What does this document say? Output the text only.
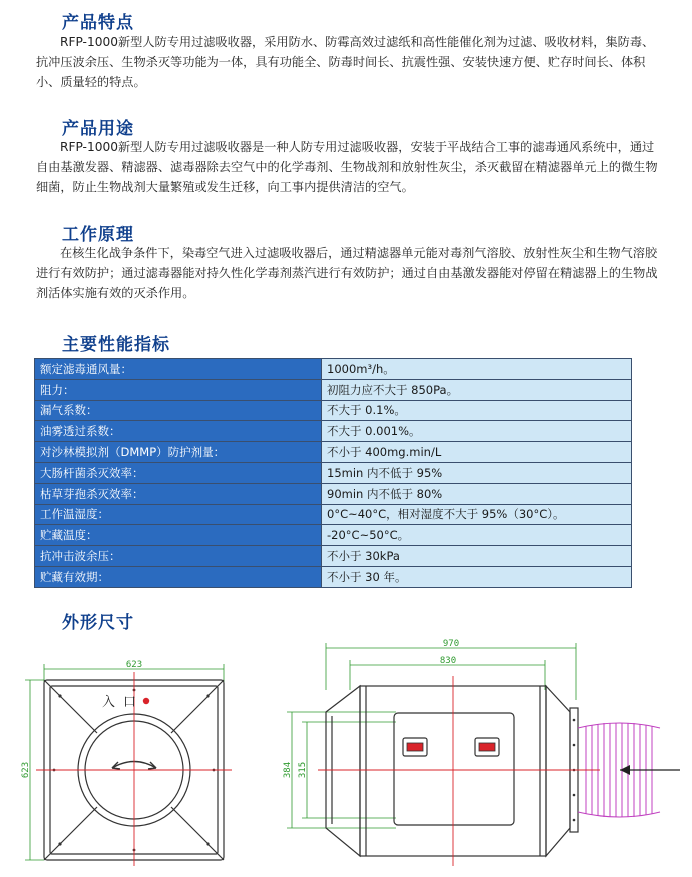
产品特点

RFP-1000新型人防专用过滤吸收器，采用防水、防霉高效过滤纸和高性能催化剂为过滤、吸收材料，集防毒、抗冲压波余压、生物杀灭等功能为一体，具有功能全、防毒时间长、抗震性强、安装快速方便、贮存时间长、体积小、质量轻的特点。

产品用途

RFP-1000新型人防专用过滤吸收器是一种人防专用过滤吸收器，安装于平战结合工事的滤毒通风系统中，通过自由基激发器、精滤器、滤毒器除去空气中的化学毒剂、生物战剂和放射性灰尘，杀灭截留在精滤器单元上的微生物细菌，防止生物战剂大量繁殖或发生迁移，向工事内提供清洁的空气。

工作原理

在核生化战争条件下，染毒空气进入过滤吸收器后，通过精滤器单元能对毒剂气溶胶、放射性灰尘和生物气溶胶进行有效防护；通过滤毒器能对持久性化学毒剂蒸汽进行有效防护；通过自由基激发器能对停留在精滤器上的生物战剂活体实施有效的灭杀作用。

主要性能指标
额定滤毒通风量：	1000m³/h。
阻力：	初阻力应不大于 850Pa。
漏气系数：	不大于 0.1%。
油雾透过系数：	不大于 0.001%。
对沙林模拟剂（DMMP）防护剂量：	不小于 400mg.min/L
大肠杆菌杀灭效率：	15min 内不低于 95%
枯草芽孢杀灭效率：	90min 内不低于 80%
工作温湿度：	0°C~40°C，相对湿度不大于 95%（30°C）。
贮藏温度：	-20°C~50°C。
抗冲击波余压：	不小于 30kPa
贮藏有效期：	不小于 30 年。
外形尺寸
623
623
970
830
384 315
入口
